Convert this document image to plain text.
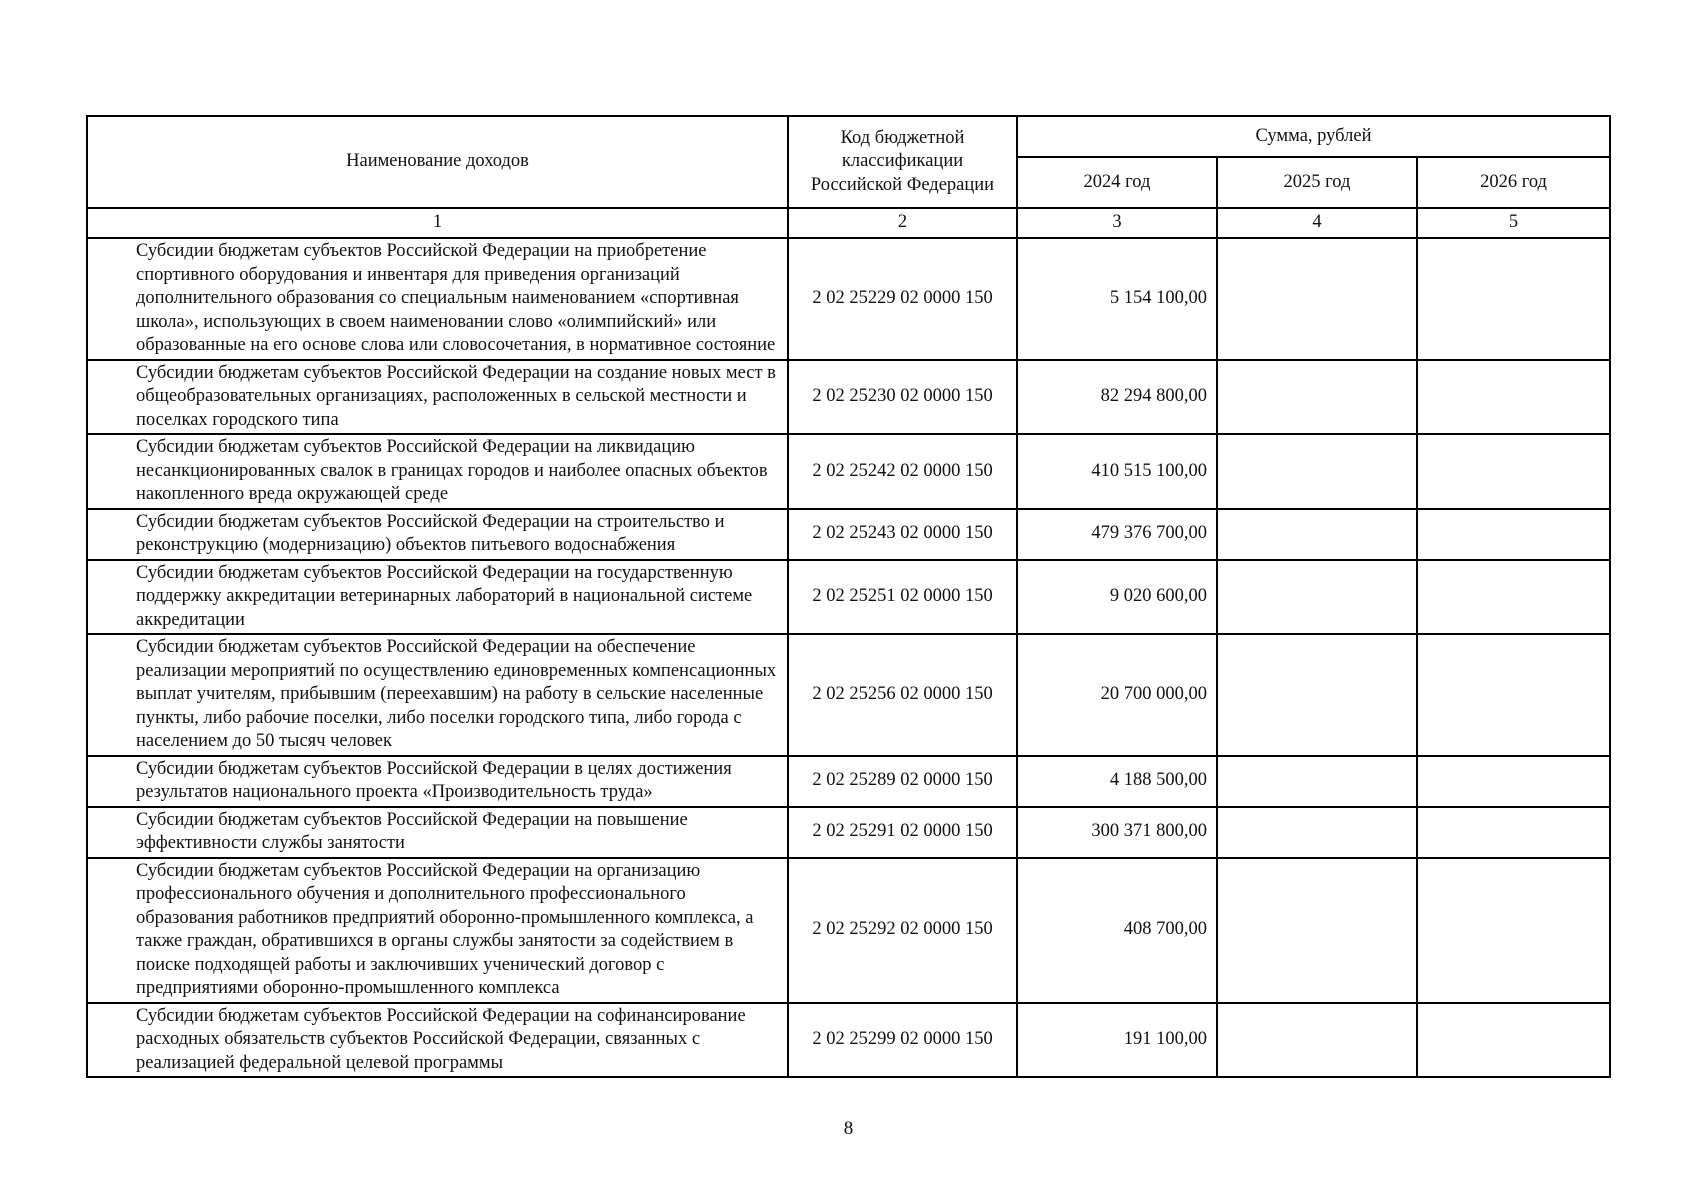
Наименование доходов	Код бюджетной классификации Российской Федерации	Сумма, рублей		
		2024 год	2025 год	2026 год
1	2	3	4	5
Субсидии бюджетам субъектов Российской Федерации на приобретение спортивного оборудования и инвентаря для приведения организаций дополнительного образования со специальным наименованием «спортивная школа», использующих в своем наименовании слово «олимпийский» или образованные на его основе слова или словосочетания, в нормативное состояние	2 02 25229 02 0000 150	5 154 100,00		
Субсидии бюджетам субъектов Российской Федерации на создание новых мест в общеобразовательных организациях, расположенных в сельской местности и поселках городского типа	2 02 25230 02 0000 150	82 294 800,00		
Субсидии бюджетам субъектов Российской Федерации на ликвидацию несанкционированных свалок в границах городов и наиболее опасных объектов накопленного вреда окружающей среде	2 02 25242 02 0000 150	410 515 100,00		
Субсидии бюджетам субъектов Российской Федерации на строительство и реконструкцию (модернизацию) объектов питьевого водоснабжения	2 02 25243 02 0000 150	479 376 700,00		
Субсидии бюджетам субъектов Российской Федерации на государственную поддержку аккредитации ветеринарных лабораторий в национальной системе аккредитации	2 02 25251 02 0000 150	9 020 600,00		
Субсидии бюджетам субъектов Российской Федерации на обеспечение реализации мероприятий по осуществлению единовременных компенсационных выплат учителям, прибывшим (переехавшим) на работу в сельские населенные пункты, либо рабочие поселки, либо поселки городского типа, либо города с населением до 50 тысяч человек	2 02 25256 02 0000 150	20 700 000,00		
Субсидии бюджетам субъектов Российской Федерации в целях достижения результатов национального проекта «Производительность труда»	2 02 25289 02 0000 150	4 188 500,00		
Субсидии бюджетам субъектов Российской Федерации на повышение эффективности службы занятости	2 02 25291 02 0000 150	300 371 800,00		
Субсидии бюджетам субъектов Российской Федерации на организацию профессионального обучения и дополнительного профессионального образования работников предприятий оборонно-промышленного комплекса, а также граждан, обратившихся в органы службы занятости за содействием в поиске подходящей работы и заключивших ученический договор с предприятиями оборонно-промышленного комплекса	2 02 25292 02 0000 150	408 700,00		
Субсидии бюджетам субъектов Российской Федерации на софинансирование расходных обязательств субъектов Российской Федерации, связанных с реализацией федеральной целевой программы	2 02 25299 02 0000 150	191 100,00		
8
